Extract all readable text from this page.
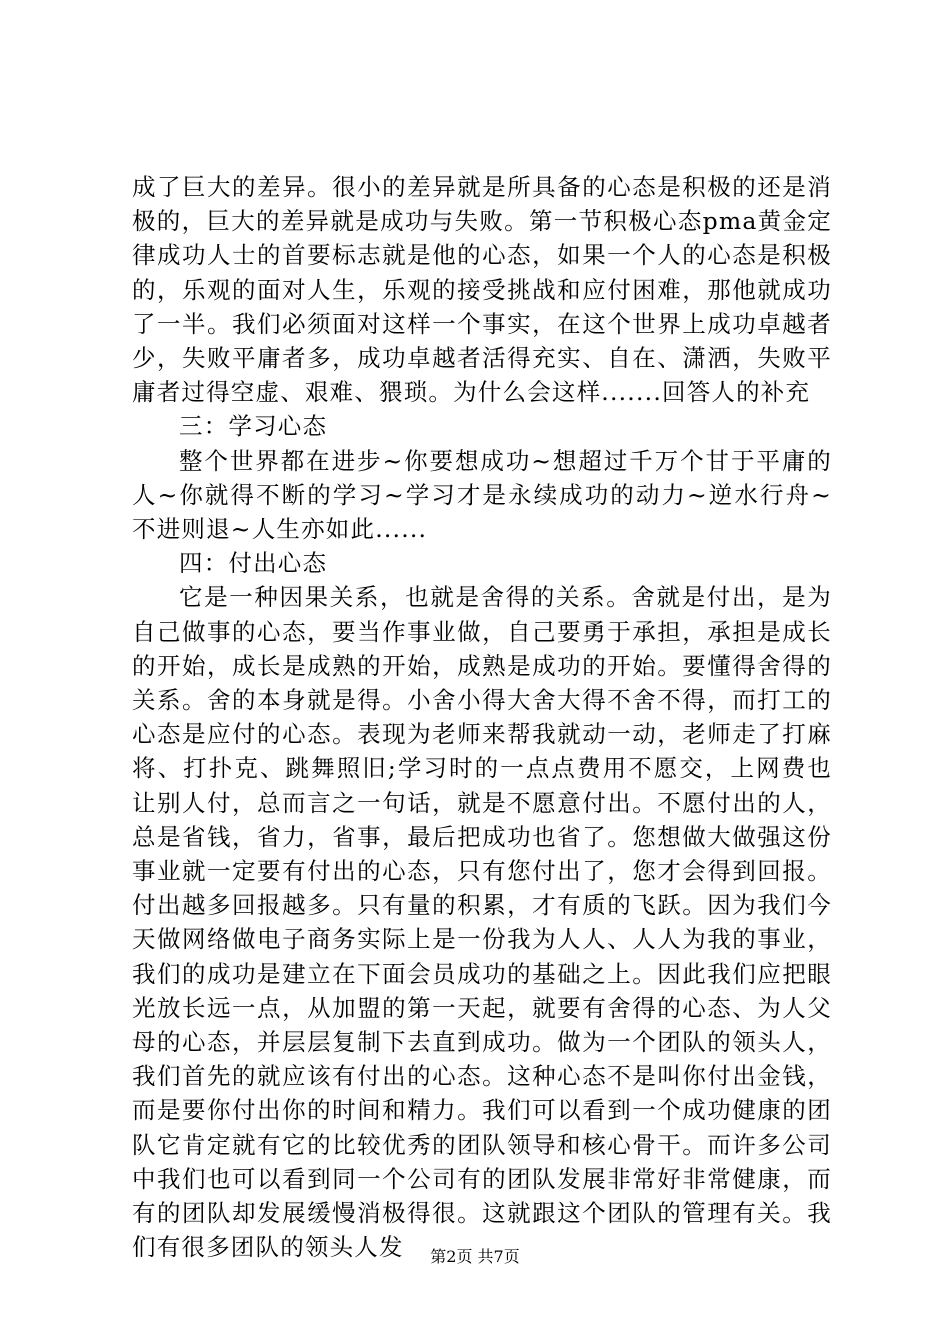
成了巨大的差异。很小的差异就是所具备的心态是积极的还是消极的，巨大的差异就是成功与失败。第一节积极心态pma黄金定律成功人士的首要标志就是他的心态，如果一个人的心态是积极的，乐观的面对人生，乐观的接受挑战和应付困难，那他就成功了一半。我们必须面对这样一个事实，在这个世界上成功卓越者少，失败平庸者多，成功卓越者活得充实、自在、潇洒，失败平庸者过得空虚、艰难、猥琐。为什么会这样.......回答人的补充

三：学习心态

整个世界都在进步~你要想成功~想超过千万个甘于平庸的人~你就得不断的学习~学习才是永续成功的动力~逆水行舟~不进则退~人生亦如此......

四：付出心态

它是一种因果关系，也就是舍得的关系。舍就是付出，是为自己做事的心态，要当作事业做，自己要勇于承担，承担是成长的开始，成长是成熟的开始，成熟是成功的开始。要懂得舍得的关系。舍的本身就是得。小舍小得大舍大得不舍不得，而打工的心态是应付的心态。表现为老师来帮我就动一动，老师走了打麻将、打扑克、跳舞照旧;学习时的一点点费用不愿交，上网费也让别人付，总而言之一句话，就是不愿意付出。不愿付出的人，总是省钱，省力，省事，最后把成功也省了。您想做大做强这份事业就一定要有付出的心态，只有您付出了，您才会得到回报。付出越多回报越多。只有量的积累，才有质的飞跃。因为我们今天做网络做电子商务实际上是一份我为人人、人人为我的事业，我们的成功是建立在下面会员成功的基础之上。因此我们应把眼光放长远一点，从加盟的第一天起，就要有舍得的心态、为人父母的心态，并层层复制下去直到成功。做为一个团队的领头人，我们首先的就应该有付出的心态。这种心态不是叫你付出金钱，而是要你付出你的时间和精力。我们可以看到一个成功健康的团队它肯定就有它的比较优秀的团队领导和核心骨干。而许多公司中我们也可以看到同一个公司有的团队发展非常好非常健康，而有的团队却发展缓慢消极得很。这就跟这个团队的管理有关。我们有很多团队的领头人发	第2页 共7页
